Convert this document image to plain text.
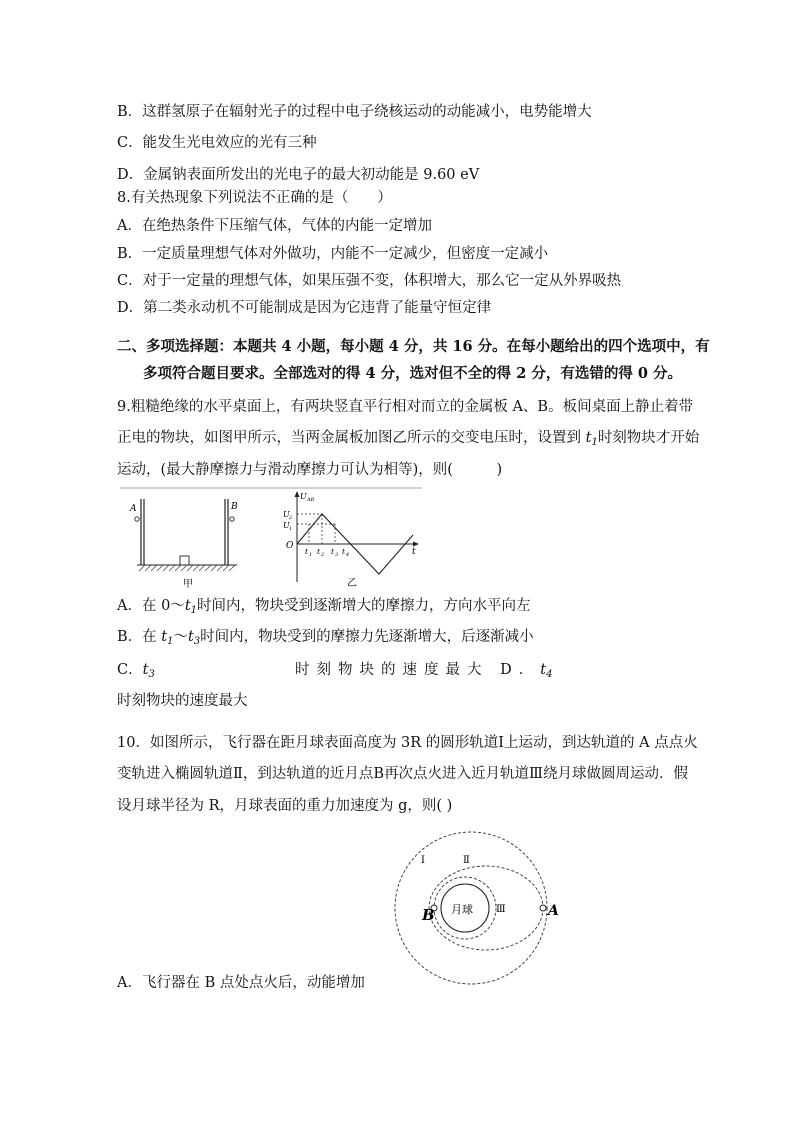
B．这群氢原子在辐射光子的过程中电子绕核运动的动能减小，电势能增大
C．能发生光电效应的光有三种
D．金属钠表面所发出的光电子的最大初动能是 9.60 eV
8.有关热现象下列说法不正确的是（　　）
A．在绝热条件下压缩气体，气体的内能一定增加
B．一定质量理想气体对外做功，内能不一定减少，但密度一定减小
C．对于一定量的理想气体，如果压强不变，体积增大，那么它一定从外界吸热
D．第二类永动机不可能制成是因为它违背了能量守恒定律
二、多项选择题：本题共 4 小题，每小题 4 分，共 16 分。在每小题给出的四个选项中，有
多项符合题目要求。全部选对的得 4 分，选对但不全的得 2 分，有选错的得 0 分。
9.粗糙绝缘的水平桌面上，有两块竖直平行相对而立的金属板 A、B。板间桌面上静止着带
正电的物块，如图甲所示，当两金属板加图乙所示的交变电压时，设置到 $t_1$时刻物块才开始
运动，(最大静摩擦力与滑动摩擦力可认为相等)，则(　　　)
A	B
甲
U AB
t
O
U 2
U 1
t 1 t 2 t 3 t 4
乙
A．在 $0\sim t_1$时间内，物块受到逐渐增大的摩擦力，方向水平向左
B．在 $t_1\sim t_3$时间内，物块受到的摩擦力先逐渐增大，后逐渐减小
C．$t_3$	时刻物块的速度最大 D．$t_4$
时刻物块的速度最大
10．如图所示，飞行器在距月球表面高度为 3R 的圆形轨道Ⅰ上运动，到达轨道的 A 点点火
变轨进入椭圆轨道Ⅱ，到达轨道的近月点B再次点火进入近月轨道Ⅲ绕月球做圆周运动．假
设月球半径为 R，月球表面的重力加速度为 g，则( )
月球
Ⅰ	Ⅱ
Ⅲ
B	A
A．飞行器在 B 点处点火后，动能增加
